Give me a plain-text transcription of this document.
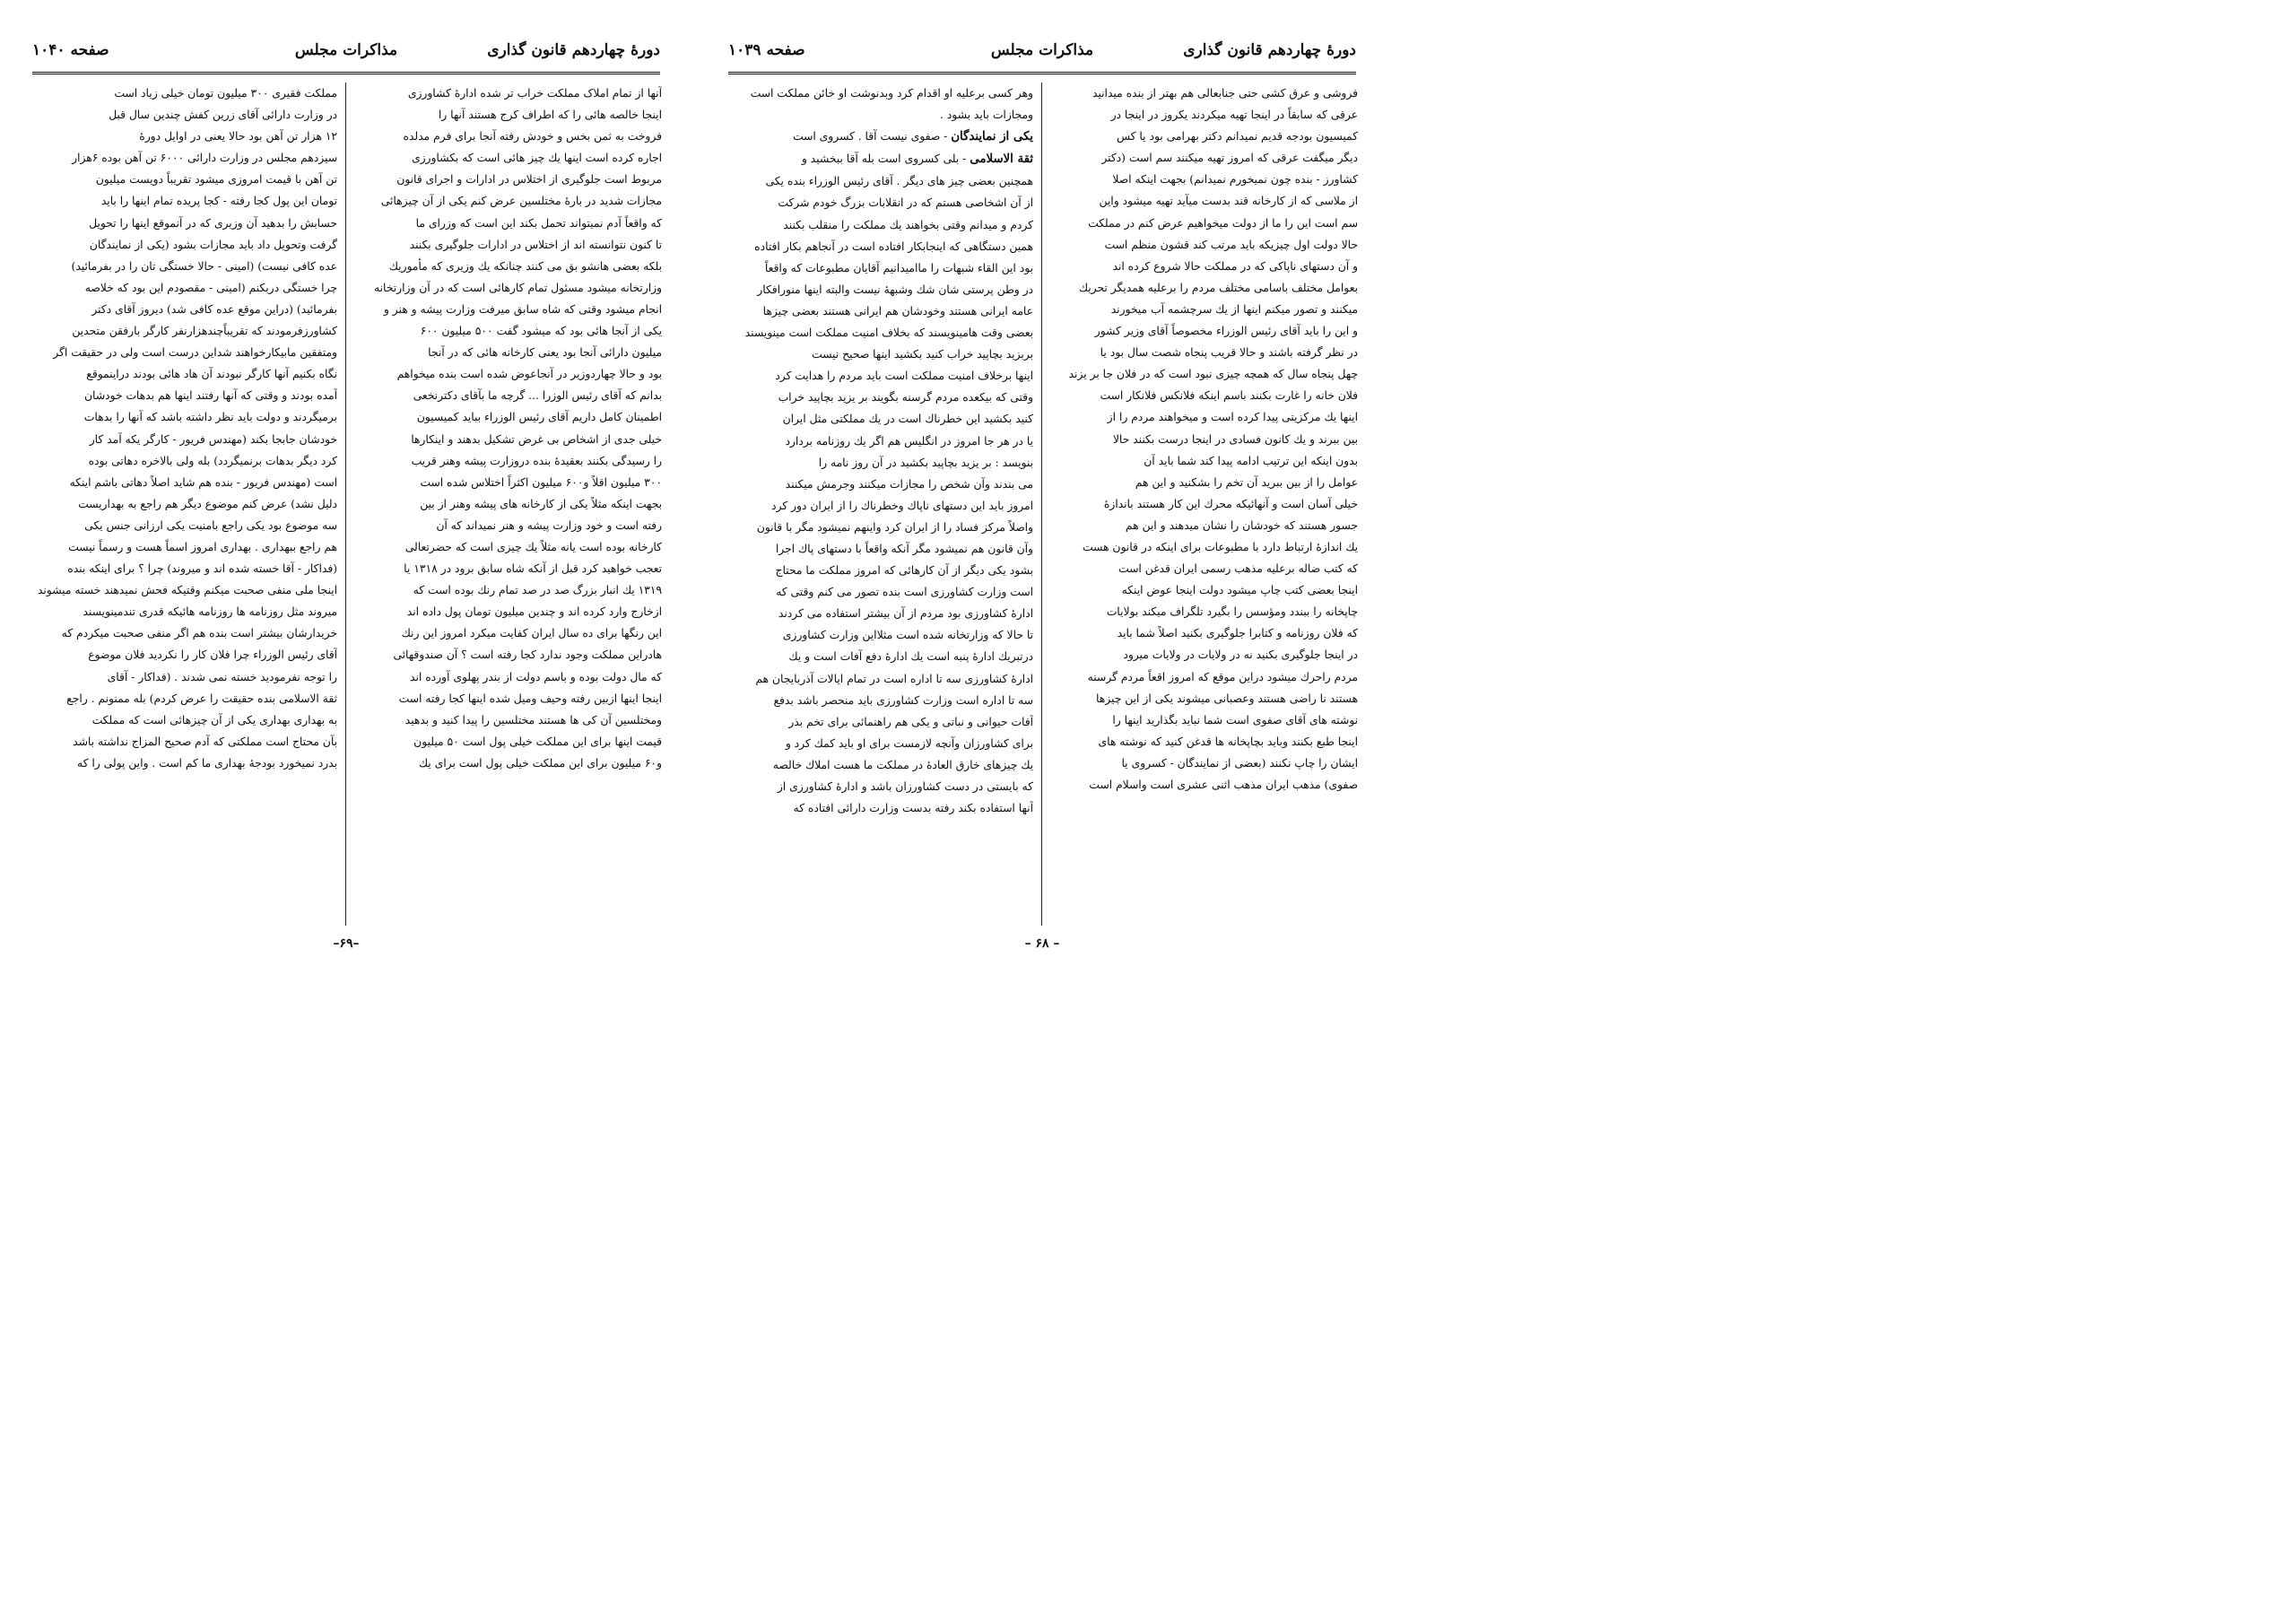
دورهٔ چهاردهم قانون گذاری
مذاکرات مجلس
صفحه ۱۰۴۰

آنها از تمام املاک مملکت خراب تر شده ادارهٔ کشاورزی

اینجا خالصه هائی را که اطراف کرج هستند آنها را

فروخت به ثمن بخس و خودش رفته آنجا برای فرم مدلده

اجاره کرده است اینها یك چیز هائی است که بکشاورزی

مربوط است جلوگیری از اختلاس در ادارات و اجرای قانون

مجازات شدید در بارهٔ مختلسین عرض کنم یکی از آن چیزهائی

که واقعاً آدم نمیتواند تحمل بکند این است که وزرای ما

تا کنون نتوانسته اند از اختلاس در ادارات جلوگیری بکنند

بلکه بعضی هانشو بق می کنند چنانکه یك وزیری که مأموریك

وزارتخانه میشود مسئول تمام کارهائی است که در آن وزارتخانه

انجام میشود وقتی که شاه سابق میرفت وزارت پیشه و هنر و

یکی از آنجا هائی بود که میشود گفت ۵۰۰ میلیون ۶۰۰

میلیون دارائی آنجا بود یعنی کارخانه هائی که در آنجا

بود و حالا چهاردوزیر در آنجاعوض شده است بنده میخواهم

بدانم که آقای رئیس الوزرا ... گرچه ما بآقای دکترنخعی

اطمینان کامل داریم آقای رئیس الوزراء بباید کمیسیون

خیلی جدی از اشخاص بی غرض تشکیل بدهند و اینکارها

را رسیدگی بکنند بعقیدهٔ بنده دروزارت پیشه وهنر قریب

۳۰۰ میلیون اقلاً و۶۰۰ میلیون اکثراً اختلاس شده است

بجهت اینکه مثلاً یکی از کارخانه های پیشه وهنر از بین

رفته است و خود وزارت پیشه و هنر نمیداند که آن

کارخانه بوده است یانه مثلاً یك چیزی است که حضرتعالی

تعجب خواهید کرد قبل از آنکه شاه سابق برود در ۱۳۱۸ یا

۱۳۱۹ یك انبار بزرگ صد در صد تمام رنك بوده است که

ازخارج وارد کرده اند و چندین میلیون تومان پول داده اند

این رنگها برای ده سال ایران کفایت میکرد امروز این رنك

هادراین مملکت وجود ندارد کجا رفته است ؟ آن صندوقهائی

که مال دولت بوده و باسم دولت از بندر پهلوی آورده اند

اینجا اینها ازبین رفته وحیف ومیل شده اینها کجا رفته است

ومختلسین آن کی ها هستند مختلسین را پیدا کنید و بدهید

قیمت اینها برای این مملکت خیلی پول است ۵۰ میلیون

و۶۰ میلیون برای این مملکت خیلی پول است برای یك

مملکت فقیری ۳۰۰ میلیون تومان خیلی زیاد است

در وزارت دارائی آقای زرین کفش چندین سال قبل

۱۲ هزار تن آهن بود حالا یعنی در اوایل دورهٔ

سیزدهم مجلس در وزارت دارائی ۶۰۰۰ تن آهن بوده ۶هزار

تن آهن با قیمت امروزی میشود تقریباً دویست میلیون

تومان این پول کجا رفته - کجا پریده تمام اینها را باید

حسابش را بدهید آن وزیری که در آنموقع اینها را تحویل

گرفت وتحویل داد باید مجازات بشود (یکی از نمایندگان

عده کافی نیست) (امینی - حالا خستگی تان را در بفرمائید)

چرا خستگی دربکنم (امینی - مقصودم این بود که خلاصه

بفرمائید) (دراین موقع عده کافی شد) دیروز آقای دکتر

کشاورزفرمودند که تقریباًچندهزارنفر کارگر بارفقن متحدین

ومتفقین مابیکارخواهند شداین درست است ولی در حقیقت اگر

نگاه بکنیم آنها کارگر نبودند آن هاد هائی بودند دراینموقع

آمده بودند و وقتی که آنها رفتند اینها هم بدهات خودشان

برمیگردند و دولت باید نظر داشته باشد که آنها را بدهات

خودشان جابجا بکند (مهندس فریور - کارگر یکه آمد کار

کرد دیگر بدهات برنمیگردد) بله ولی بالاخره دهاتی بوده

است (مهندس فریور - بنده هم شاید اصلاً دهاتی باشم اینکه

دلیل نشد) عرض کنم موضوع دیگر هم راجع به بهداریست

سه موضوع بود یکی راجع بامنیت یکی ارزانی جنس یکی

هم راجع ببهداری . بهداری امروز اسماً هست و رسماً نیست

(فداکار - آقا خسته شده اند و میروند) چرا ؟ برای اینکه بنده

اینجا ملی منفی صحبت میکنم وقتیکه فحش نمیدهند خسته میشوند

میروند مثل روزنامه ها روزنامه هائیکه قدری تندمینویسند

خریدارشان بیشتر است بنده هم اگر منفی صحبت میکردم که

آقای رئیس الوزراء چرا فلان کار را نکردید فلان موضوع

را توجه نفرمودید خسته نمی شدند . (فداکار - آقای

ثقة الاسلامی بنده حقیقت را عرض کردم) بله ممنونم . راجع

به بهداری بهداری یکی از آن چیزهائی است که مملکت

بآن محتاج است مملکتی که آدم صحیح المزاج نداشته باشد

بدرد نمیخورد بودجهٔ بهداری ما کم است . واین پولی را که

–۶۹–
دورهٔ چهاردهم قانون گذاری
مذاکرات مجلس
صفحه ۱۰۳۹

فروشی و عرق کشی حتی جنابعالی هم بهتر از بنده میدانید

عرقی که سابقاً در اینجا تهیه میکردند یکروز در اینجا در

کمیسیون بودجه قدیم نمیدانم دکتر بهرامی بود یا کس

دیگر میگفت عرقی که امروز تهیه میکنند سم است (دکتر

کشاورز - بنده چون نمیخورم نمیدانم) بجهت اینکه اصلا

از ملاسی که از کارخانه قند بدست میآید تهیه میشود واین

سم است این را ما از دولت میخواهیم عرض کنم در مملکت

حالا دولت اول چیزیکه باید مرتب کند قشون منظم است

و آن دستهای ناپاکی که در مملکت حالا شروع کرده اند

بعوامل مختلف باسامی مختلف مردم را برعلیه همدیگر تحریك

میکنند و تصور میکنم اینها از یك سرچشمه آب میخورند

و این را باید آقای رئیس الوزراء مخصوصاً آقای وزیر کشور

در نظر گرفته باشند و حالا قریب پنجاه شصت سال بود یا

چهل پنجاه سال که همچه چیزی نبود است که در فلان جا بر یزند

فلان خانه را غارت بکنند باسم اینکه فلانکس فلانکار است

اینها یك مرکزیتی پیدا کرده است و میخواهند مردم را از

بین ببرند و یك کانون فسادی در اینجا درست بکنند حالا

بدون اینکه این ترتیب ادامه پیدا کند شما باید آن

عوامل را از بین ببرید آن تخم را بشکنید و این هم

خیلی آسان است و آنهائیکه محرك این کار هستند باندازهٔ

جسور هستند که خودشان را نشان میدهند و این هم

یك اندازهٔ ارتباط دارد با مطبوعات برای اینکه در قانون هست

که کتب ضاله برعلیه مذهب رسمی ایران قدغن است

اینجا بعضی کتب چاپ میشود دولت اینجا عوض اینکه

چاپخانه را ببندد ومؤسس را بگیرد تلگراف میکند بولایات

که فلان روزنامه و کتابرا جلوگیری بکنید اصلاً شما باید

در اینجا جلوگیری بکنید نه در ولایات در ولایات میرود

مردم راحرك میشود دراین موقع که امروز اقعاً مردم گرسنه

هستند نا راضی هستند وعصبانی میشوند یکی از این چیزها

نوشته های آقای صفوی است شما نباید بگذارید اینها را

اینجا طبع بکنند وباید بچاپخانه ها قدغن کنید که نوشته های

ایشان را چاپ نکنند (بعضی از نمایندگان - کسروی یا

صفوی) مذهب ایران مذهب اثنی عشری است واسلام است

وهر کسی برعلیه او اقدام کرد وبدنوشت او خائن مملکت است

ومجازات باید بشود .

یکی از نمایندگان - صفوی نیست آقا . کسروی است

ثقة الاسلامی - بلی کسروی است بله آقا ببخشید و

همچنین بعضی چیز های دیگر . آقای رئیس الوزراء بنده یکی

از آن اشخاصی هستم که در انقلابات بزرگ خودم شرکت

کردم و میدانم وقتی بخواهند یك مملکت را منقلب بکنند

همین دستگاهی که اینجابکار افتاده است در آنجاهم بکار افتاده

بود این القاء شبهات را ماامیدانیم آقایان مطبوعات که واقعاً

در وطن پرستی شان شك وشبههٔ نیست والبته اینها منورافکار

عامه ایرانی هستند وخودشان هم ایرانی هستند بعضی چیزها

بعضی وقت هامینویسند که بخلاف امنیت مملکت است مینویسند

بربزید بچاپید خراب کنید بکشید اینها صحیح نیست

اینها برخلاف امنیت مملکت است باید مردم را هدایت کرد

وقتی که بیکعده مردم گرسنه بگویند بر یزید بچاپید خراب

کنید بکشید این خطرناك است در یك مملکتی مثل ایران

یا در هر جا امروز در انگلیس هم اگر یك روزنامه بردارد

بنویسد : بر یزید بچاپید بکشید در آن روز نامه را

می بندند وآن شخص را مجازات میکنند وجرمش میکنند

امروز باید این دستهای ناپاك وخطرناك را از ایران دور کرد

واصلاً مرکز فساد را از ایران کرد واینهم نمیشود مگر با قانون

وآن قانون هم نمیشود مگر آنکه واقعاً با دستهای پاك اجرا

بشود یکی دیگر از آن کارهائی که امروز مملکت ما محتاج

است وزارت کشاورزی است بنده تصور می کنم وقتی که

ادارهٔ کشاورزی بود مردم از آن بیشتر استفاده می کردند

تا حالا که وزارتخانه شده است مثلااین وزارت کشاورزی

درتبریك ادارهٔ پنبه است یك ادارهٔ دفع آفات است و یك

ادارهٔ کشاورزی سه تا اداره است در تمام ایالات آذربایجان هم

سه تا اداره است وزارت کشاورزی باید منحصر باشد بدفع

آفات حیوانی و نباتی و یکی هم راهنمائی برای تخم بذر

برای کشاورزان وآنچه لازمست برای او باید کمك کرد و

یك چیزهای خارق العادهٔ در مملکت ما هست املاك خالصه

که بایستی در دست کشاورزان باشد و ادارهٔ کشاورزی از

آنها استفاده بکند رفته بدست وزارت دارائی افتاده که

– ۶۸ –
